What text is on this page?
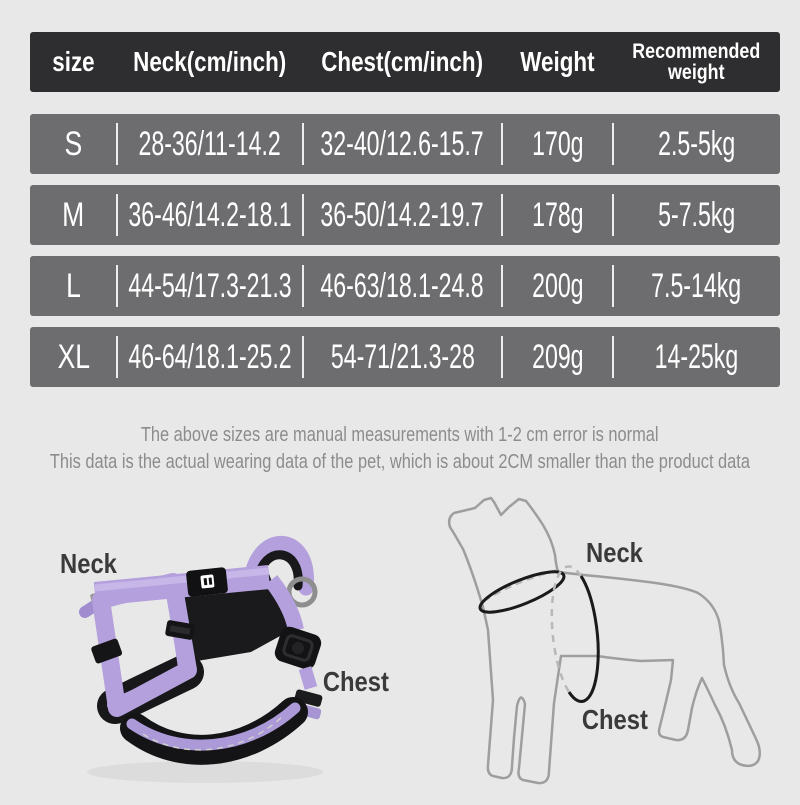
size Neck(cm/inch) Chest(cm/inch) Weight Recommended
weight
S 28-36/11-14.2 32-40/12.6-15.7 170g 2.5-5kg
M 36-46/14.2-18.1 36-50/14.2-19.7 178g 5-7.5kg
L 44-54/17.3-21.3 46-63/18.1-24.8 200g 7.5-14kg
XL 46-64/18.1-25.2 54-71/21.3-28 209g 14-25kg
The above sizes are manual measurements with 1-2 cm error is normal
This data is the actual wearing data of the pet, which is about 2CM smaller than the product data
Neck
Chest
Neck
Chest
